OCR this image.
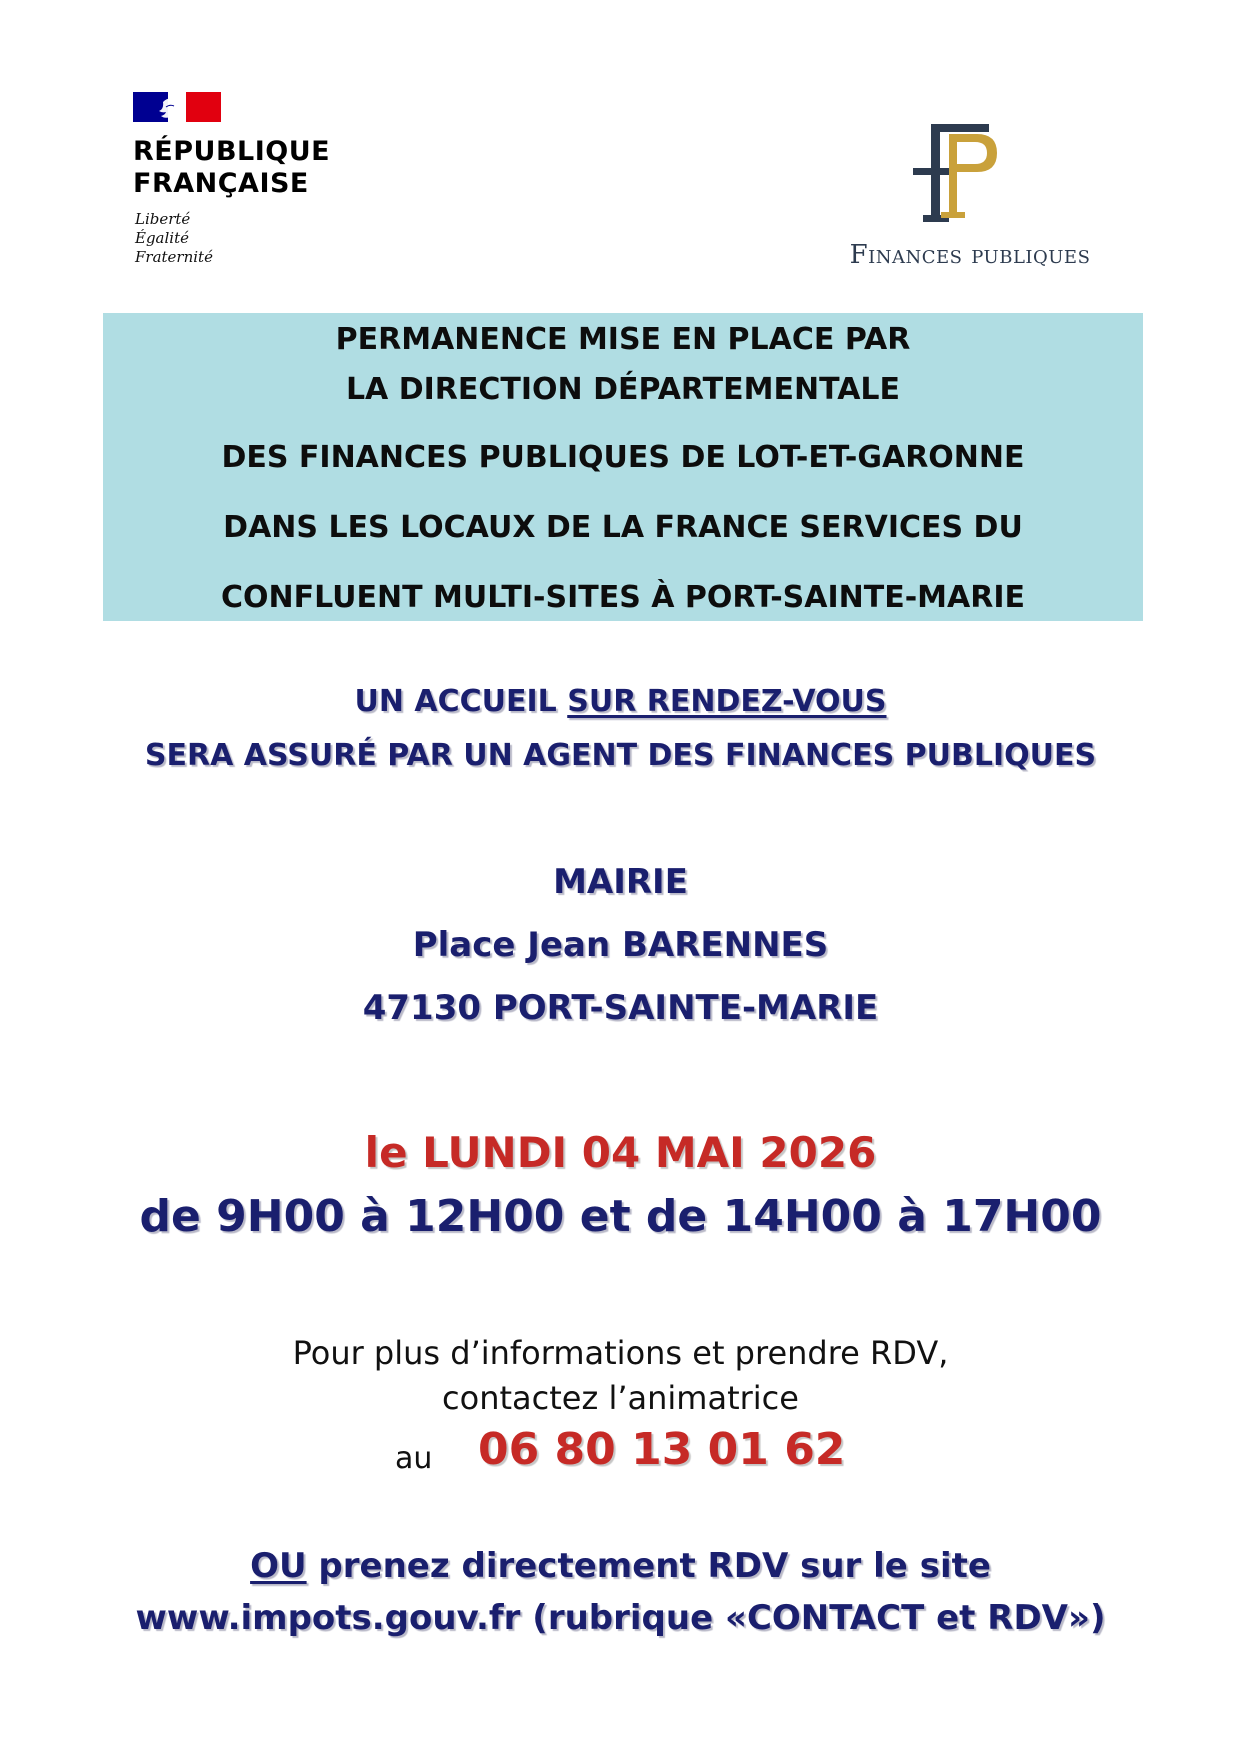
RÉPUBLIQUE
FRANÇAISE
Liberté
Égalité
Fraternité	Finances publiques
PERMANENCE MISE EN PLACE PAR
LA DIRECTION DÉPARTEMENTALE
DES FINANCES PUBLIQUES DE LOT-ET-GARONNE
DANS LES LOCAUX DE LA FRANCE SERVICES DU
CONFLUENT MULTI-SITES À PORT-SAINTE-MARIE
UN ACCUEIL SUR RENDEZ-VOUS
SERA ASSURÉ PAR UN AGENT DES FINANCES PUBLIQUES
MAIRIE
Place Jean BARENNES
47130 PORT-SAINTE-MARIE
le LUNDI 04 MAI 2026
de 9H00 à 12H00 et de 14H00 à 17H00
Pour plus d’informations et prendre RDV,
contactez l’animatrice
au 06 80 13 01 62
OU prenez directement RDV sur le site
www.impots.gouv.fr (rubrique «CONTACT et RDV»)
